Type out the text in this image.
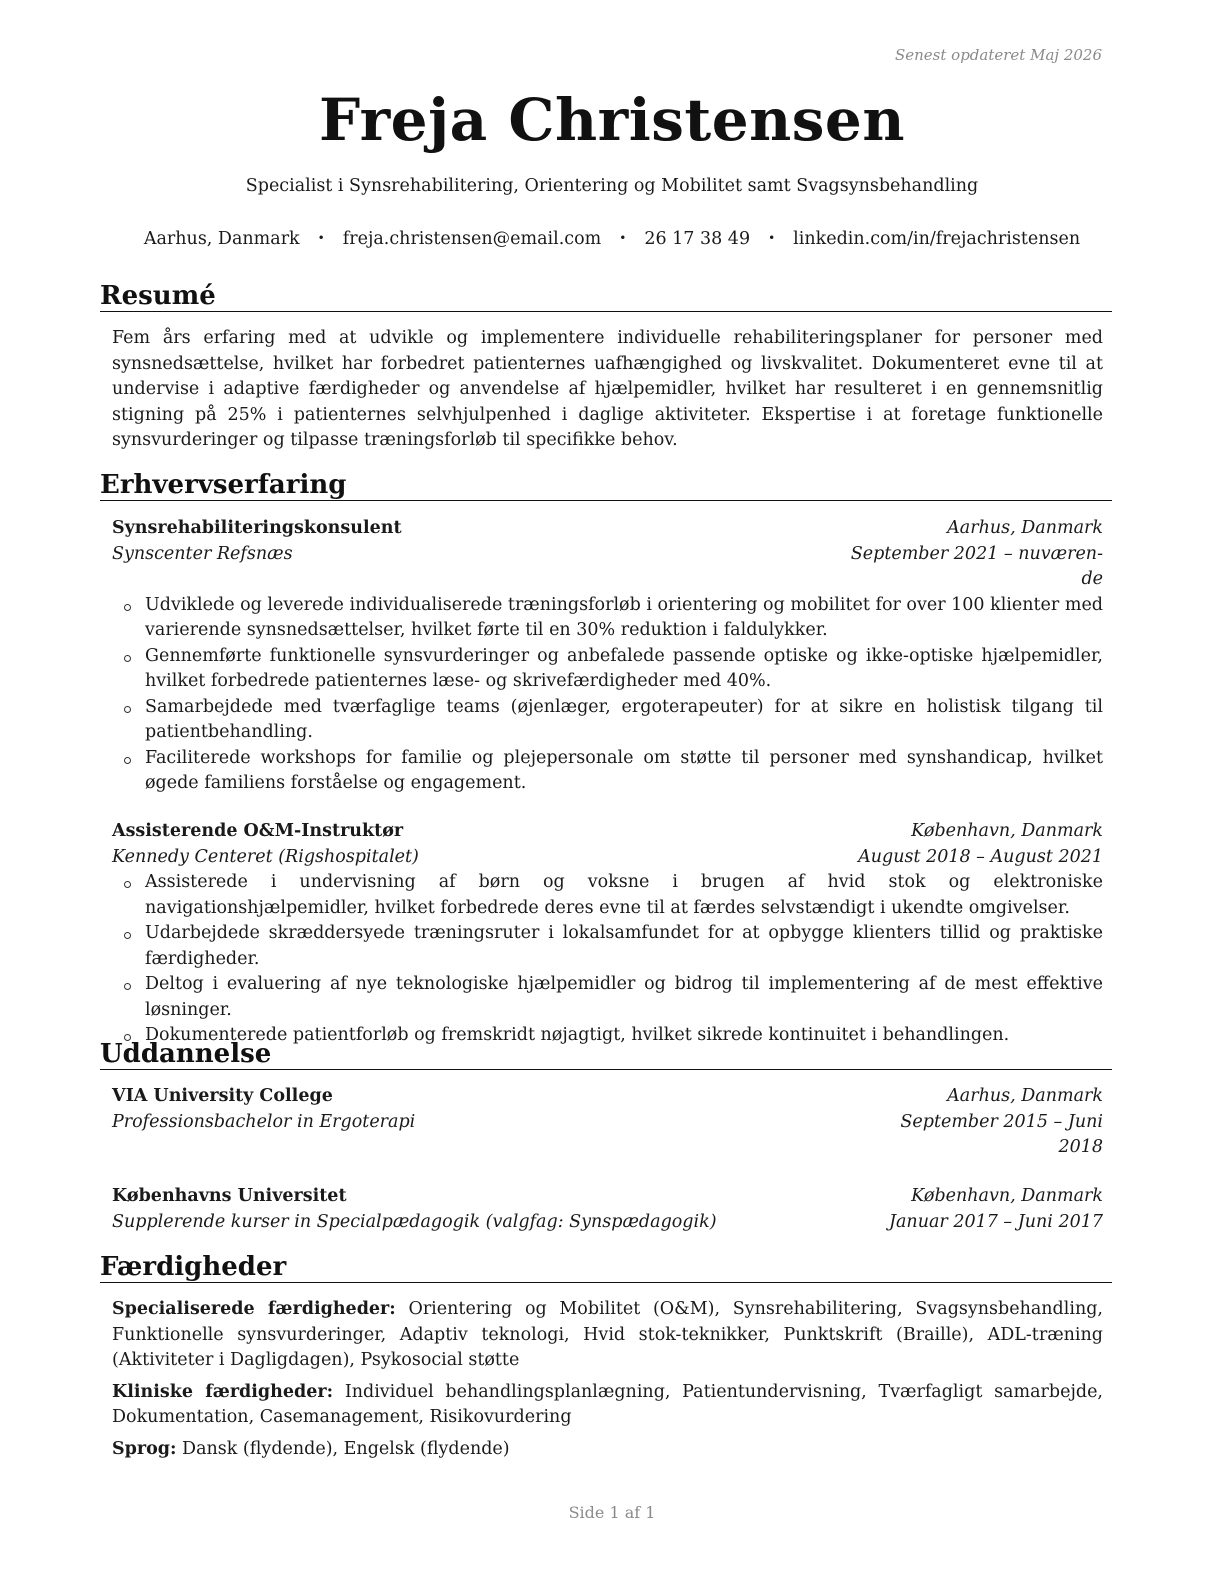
Senest opdateret Maj 2026
Freja Christensen
Specialist i Synsrehabilitering, Orientering og Mobilitet samt Svagsynsbehandling
Aarhus, Danmark • freja.christensen@email.com • 26 17 38 49 • linkedin.com/in/frejachristensen
Resumé
Fem års erfaring med at udvikle og implementere individuelle rehabiliteringsplaner for personer med synsnedsættelse, hvilket har forbedret patienternes uafhængighed og livskvalitet. Dokumenteret evne til at undervise i adaptive færdigheder og anvendelse af hjælpemidler, hvilket har resulteret i en gennemsnitlig stigning på 25% i patienternes selvhjulpenhed i daglige aktiviteter. Ekspertise i at foretage funktionelle synsvurderinger og tilpasse træningsforløb til specifikke behov.
Erhvervserfaring
Synsrehabiliteringskonsulent	Aarhus, Danmark
Synscenter Refsnæs	September 2021 – nuværen-
de
Udviklede og leverede individualiserede træningsforløb i orientering og mobilitet for over 100 klienter med varierende synsnedsættelser, hvilket førte til en 30% reduktion i faldulykker.
Gennemførte funktionelle synsvurderinger og anbefalede passende optiske og ikke-optiske hjælpemidler, hvilket forbedrede patienternes læse- og skrivefærdigheder med 40%.
Samarbejdede med tværfaglige teams (øjenlæger, ergoterapeuter) for at sikre en holistisk tilgang til patientbehandling.
Faciliterede workshops for familie og plejepersonale om støtte til personer med synshandicap, hvilket øgede familiens forståelse og engagement.
Assisterende O&M-Instruktør	København, Danmark
Kennedy Centeret (Rigshospitalet)	August 2018 – August 2021
Assisterede i undervisning af børn og voksne i brugen af hvid stok og elektroniske navigationshjælpemidler, hvilket forbedrede deres evne til at færdes selvstændigt i ukendte omgivelser.
Udarbejdede skræddersyede træningsruter i lokalsamfundet for at opbygge klienters tillid og praktiske færdigheder.
Deltog i evaluering af nye teknologiske hjælpemidler og bidrog til implementering af de mest effektive løsninger.
Dokumenterede patientforløb og fremskridt nøjagtigt, hvilket sikrede kontinuitet i behandlingen.
Uddannelse
VIA University College	Aarhus, Danmark
Professionsbachelor in Ergoterapi	September 2015 – Juni
2018
Københavns Universitet	København, Danmark
Supplerende kurser in Specialpædagogik (valgfag: Synspædagogik)	Januar 2017 – Juni 2017
Færdigheder
Specialiserede færdigheder: Orientering og Mobilitet (O&M), Synsrehabilitering, Svagsynsbehandling, Funktionelle synsvurderinger, Adaptiv teknologi, Hvid stok-teknikker, Punktskrift (Braille), ADL-træning (Aktiviteter i Dagligdagen), Psykosocial støtte
Kliniske færdigheder: Individuel behandlingsplanlægning, Patientundervisning, Tværfagligt samarbejde, Dokumentation, Casemanagement, Risikovurdering
Sprog: Dansk (flydende), Engelsk (flydende)
Side 1 af 1
